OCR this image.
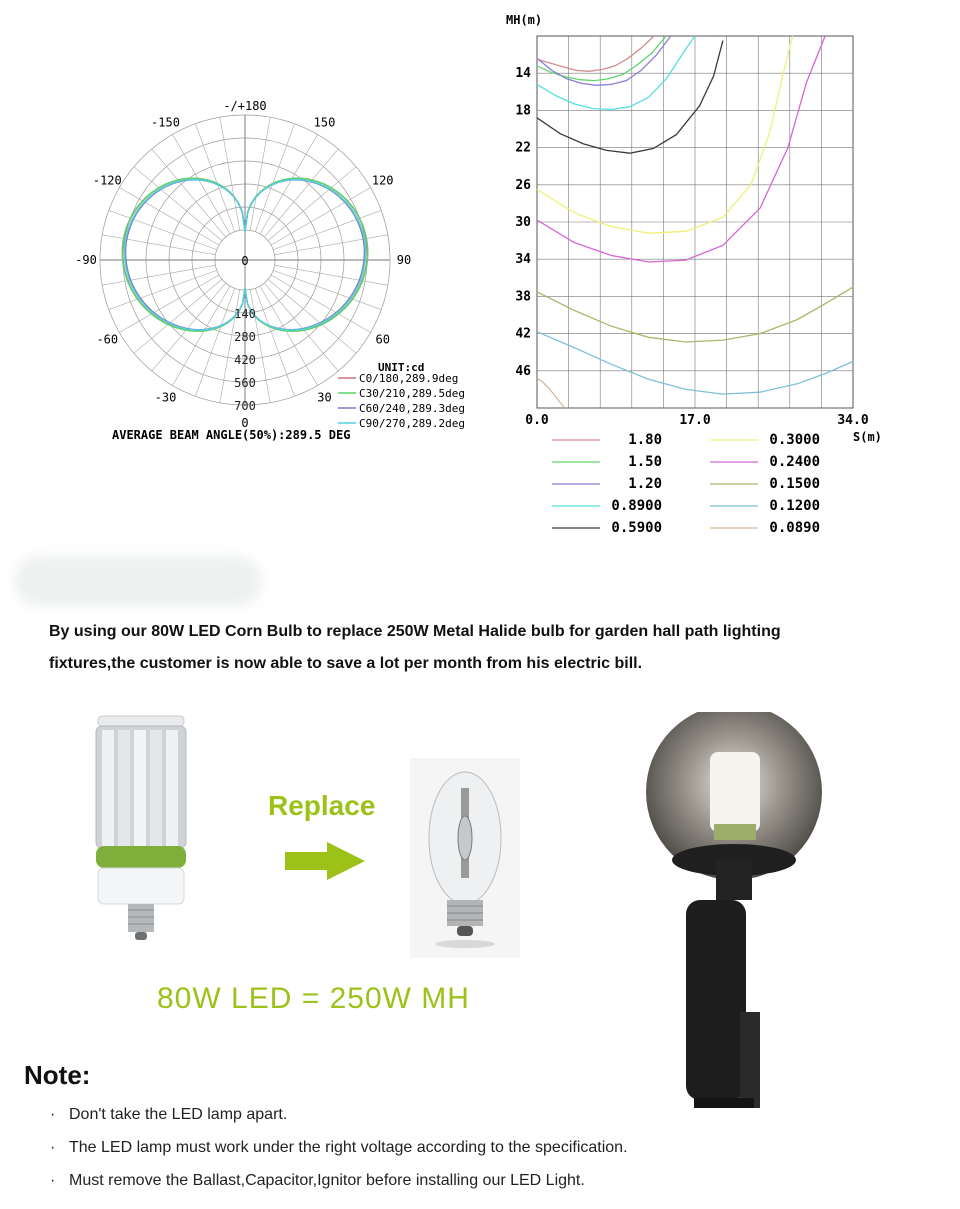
-150	150
-120	120
-90	90
-60	60
-30	30
140
280
420
560
700
-/+180
0
0
UNIT:cd
C0/180,289.9deg
C30/210,289.5deg
C60/240,289.3deg
C90/270,289.2deg
AVERAGE BEAM ANGLE(50%):289.5 DEG
14
18
22
26
30
34
38
42
46
0.0	17.0	34.0
MH(m)
S(m)
1.80
1.50
1.20
0.8900
0.5900
0.3000
0.2400
0.1500
0.1200
0.0890
By using our 80W LED Corn Bulb to replace 250W Metal Halide bulb for garden hall path lighting
fixtures,the customer is now able to save a lot per month from his electric bill.
Replace
80W LED = 250W MH
Note:
· Don't take the LED lamp apart.
· The LED lamp must work under the right voltage according to the specification.
· Must remove the Ballast,Capacitor,Ignitor before installing our LED Light.
